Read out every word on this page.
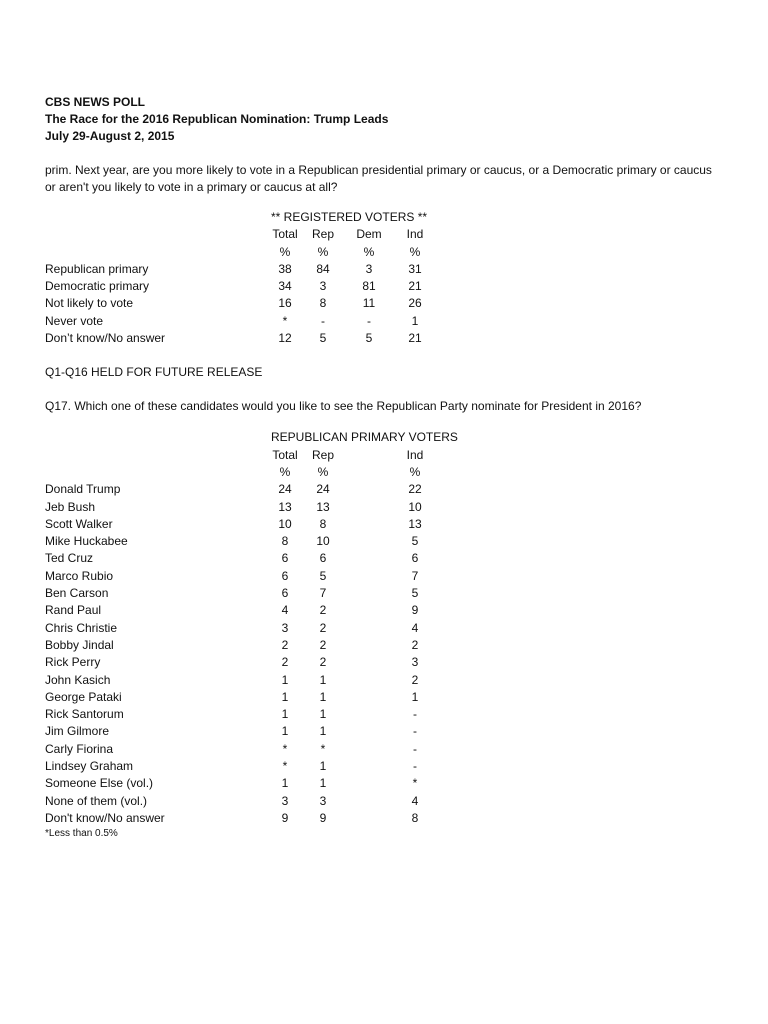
CBS NEWS POLL
The Race for the 2016 Republican Nomination: Trump Leads
July 29-August 2, 2015
prim. Next year, are you more likely to vote in a Republican presidential primary or caucus, or a Democratic primary or caucus or aren't you likely to vote in a primary or caucus at all?
	** REGISTERED VOTERS **			
	Total	Rep	Dem	Ind
	%	%	%	%
Republican primary	38	84	3	31
Democratic primary	34	3	81	21
Not likely to vote	16	8	11	26
Never vote	*	-	-	1
Don’t know/No answer	12	5	5	21
Q1-Q16 HELD FOR FUTURE RELEASE
Q17. Which one of these candidates would you like to see the Republican Party nominate for President in 2016?
	REPUBLICAN PRIMARY VOTERS		
	Total	Rep	Ind
	%	%	%
Donald Trump	24	24	22
Jeb Bush	13	13	10
Scott Walker	10	8	13
Mike Huckabee	8	10	5
Ted Cruz	6	6	6
Marco Rubio	6	5	7
Ben Carson	6	7	5
Rand Paul	4	2	9
Chris Christie	3	2	4
Bobby Jindal	2	2	2
Rick Perry	2	2	3
John Kasich	1	1	2
George Pataki	1	1	1
Rick Santorum	1	1	-
Jim Gilmore	1	1	-
Carly Fiorina	*	*	-
Lindsey Graham	*	1	-
Someone Else (vol.)	1	1	*
None of them (vol.)	3	3	4
Don't know/No answer	9	9	8
*Less than 0.5%
